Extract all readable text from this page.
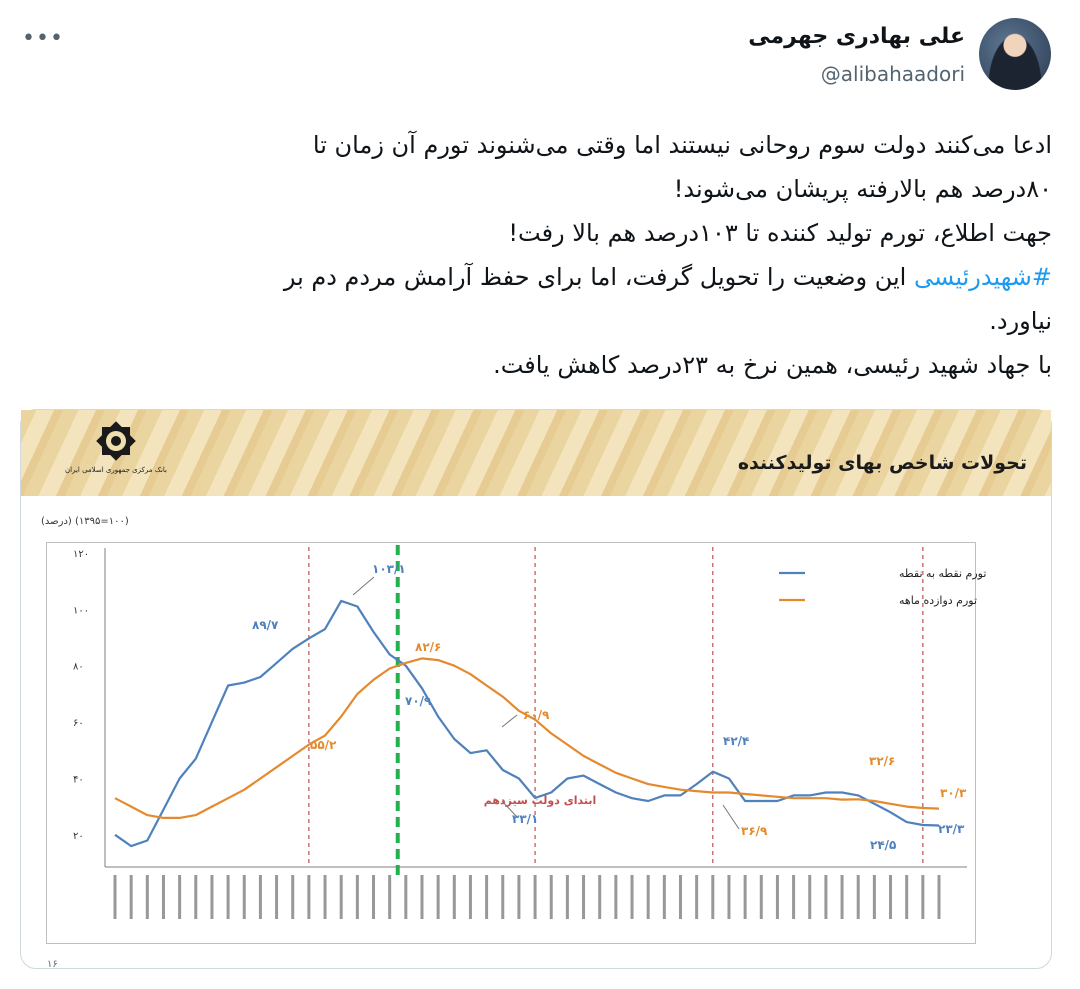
•••	علی بهادری جهرمی
@alibahaadori
ادعا می‌کنند دولت سوم روحانی نیستند اما وقتی می‌شنوند تورم آن زمان تا
۸۰درصد هم بالارفته پریشان می‌شوند!
جهت اطلاع، تورم تولید کننده تا ۱۰۳درصد هم بالا رفت!
#شهیدرئیسی این وضعیت را تحویل گرفت، اما برای حفظ آرامش مردم دم بر
نیاورد.
با جهاد شهید رئیسی، همین نرخ به ۲۳درصد کاهش یافت.
بانک مرکزی جمهوری اسلامی ایران	تحولات شاخص بهای تولیدکننده
(۱۰۰=۱۳۹۵) (درصد)
۲۰
۴۰
۶۰
۸۰
۱۰۰
۱۲۰
ابتدای دولت سیزدهم
تورم نقطه به نقطه
تورم دوازده ماهه
۱۰۳/۱
۸۹/۷
۸۲/۶
۷۰/۹
۵۵/۲
۶۰/۹
۳۳/۱
۴۲/۴
۳۶/۹
۳۲/۶
۳۰/۳
۲۴/۵
۲۳/۳
۱۶
